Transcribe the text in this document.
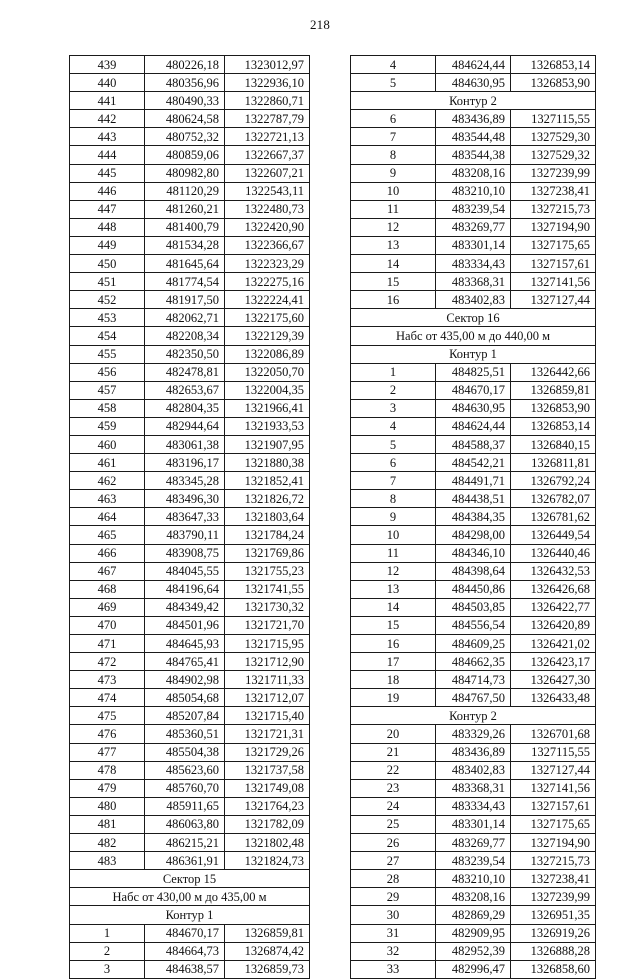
218
439	480226,18	1323012,97
440	480356,96	1322936,10
441	480490,33	1322860,71
442	480624,58	1322787,79
443	480752,32	1322721,13
444	480859,06	1322667,37
445	480982,80	1322607,21
446	481120,29	1322543,11
447	481260,21	1322480,73
448	481400,79	1322420,90
449	481534,28	1322366,67
450	481645,64	1322323,29
451	481774,54	1322275,16
452	481917,50	1322224,41
453	482062,71	1322175,60
454	482208,34	1322129,39
455	482350,50	1322086,89
456	482478,81	1322050,70
457	482653,67	1322004,35
458	482804,35	1321966,41
459	482944,64	1321933,53
460	483061,38	1321907,95
461	483196,17	1321880,38
462	483345,28	1321852,41
463	483496,30	1321826,72
464	483647,33	1321803,64
465	483790,11	1321784,24
466	483908,75	1321769,86
467	484045,55	1321755,23
468	484196,64	1321741,55
469	484349,42	1321730,32
470	484501,96	1321721,70
471	484645,93	1321715,95
472	484765,41	1321712,90
473	484902,98	1321711,33
474	485054,68	1321712,07
475	485207,84	1321715,40
476	485360,51	1321721,31
477	485504,38	1321729,26
478	485623,60	1321737,58
479	485760,70	1321749,08
480	485911,65	1321764,23
481	486063,80	1321782,09
482	486215,21	1321802,48
483	486361,91	1321824,73
Сектор 15		
Набс от 430,00 м до 435,00 м		
Контур 1		
1	484670,17	1326859,81
2	484664,73	1326874,42
3	484638,57	1326859,73
4	484624,44	1326853,14
5	484630,95	1326853,90
Контур 2		
6	483436,89	1327115,55
7	483544,48	1327529,30
8	483544,38	1327529,32
9	483208,16	1327239,99
10	483210,10	1327238,41
11	483239,54	1327215,73
12	483269,77	1327194,90
13	483301,14	1327175,65
14	483334,43	1327157,61
15	483368,31	1327141,56
16	483402,83	1327127,44
Сектор 16		
Набс от 435,00 м до 440,00 м		
Контур 1		
1	484825,51	1326442,66
2	484670,17	1326859,81
3	484630,95	1326853,90
4	484624,44	1326853,14
5	484588,37	1326840,15
6	484542,21	1326811,81
7	484491,71	1326792,24
8	484438,51	1326782,07
9	484384,35	1326781,62
10	484298,00	1326449,54
11	484346,10	1326440,46
12	484398,64	1326432,53
13	484450,86	1326426,68
14	484503,85	1326422,77
15	484556,54	1326420,89
16	484609,25	1326421,02
17	484662,35	1326423,17
18	484714,73	1326427,30
19	484767,50	1326433,48
Контур 2		
20	483329,26	1326701,68
21	483436,89	1327115,55
22	483402,83	1327127,44
23	483368,31	1327141,56
24	483334,43	1327157,61
25	483301,14	1327175,65
26	483269,77	1327194,90
27	483239,54	1327215,73
28	483210,10	1327238,41
29	483208,16	1327239,99
30	482869,29	1326951,35
31	482909,95	1326919,26
32	482952,39	1326888,28
33	482996,47	1326858,60
